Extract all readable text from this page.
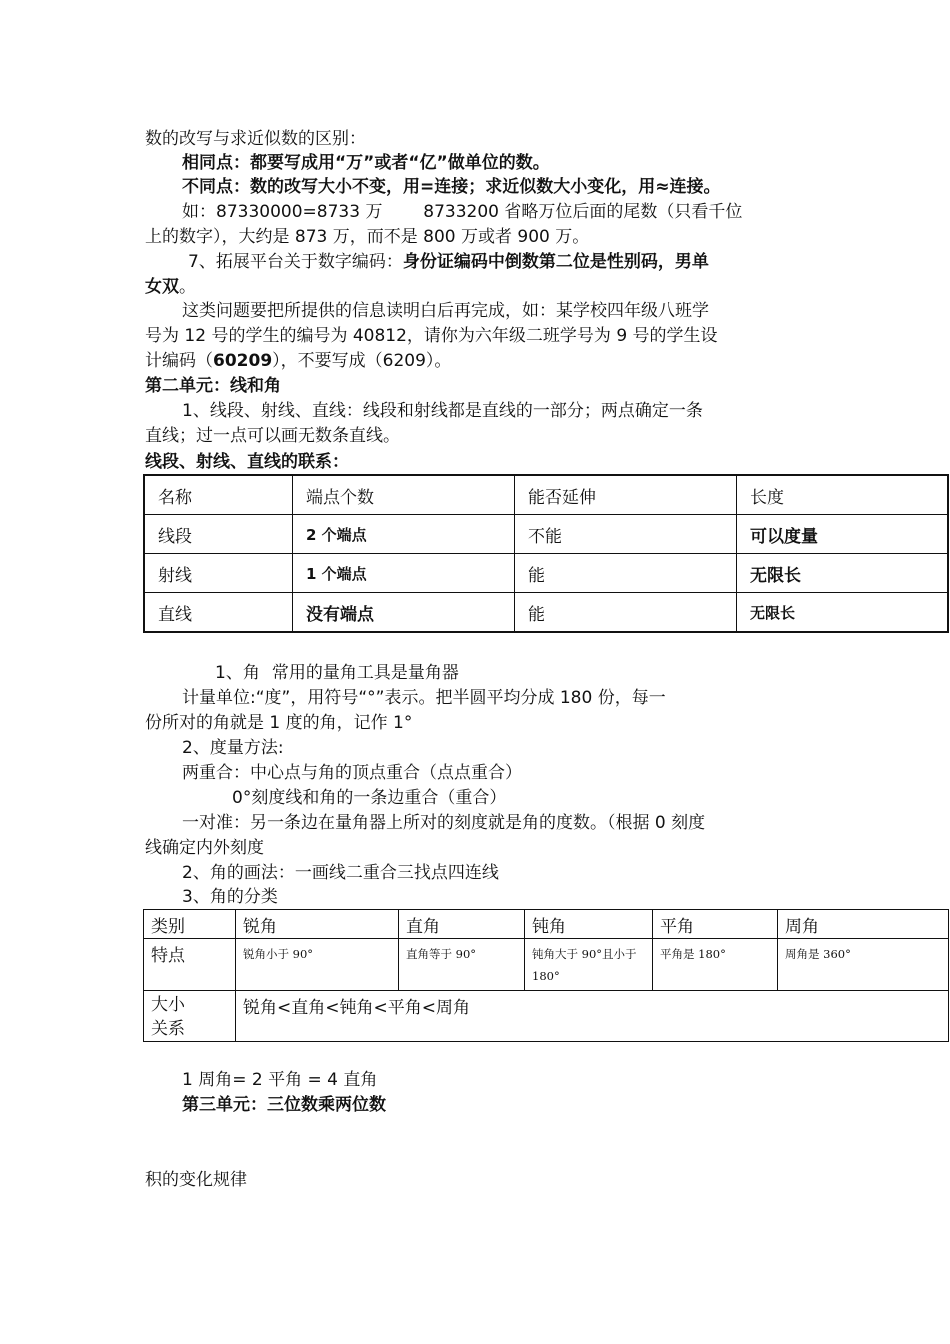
数的改写与求近似数的区别：
相同点：都要写成用“万”或者“亿”做单位的数。
不同点：数的改写大小不变，用=连接；求近似数大小变化，用≈连接。
如：87330000=8733 万 8733200 省略万位后面的尾数（只看千位
上的数字），大约是 873 万，而不是 800 万或者 900 万。
7、拓展平台关于数字编码：身份证编码中倒数第二位是性别码，男单
女双。
这类问题要把所提供的信息读明白后再完成，如：某学校四年级八班学
号为 12 号的学生的编号为 40812，请你为六年级二班学号为 9 号的学生设
计编码（60209），不要写成（6209）。
第二单元：线和角
1、线段、射线、直线：线段和射线都是直线的一部分；两点确定一条
直线；过一点可以画无数条直线。
线段、射线、直线的联系：
名称	端点个数	能否延伸	长度
线段	2 个端点	不能	可以度量
射线	1 个端点	能	无限长
直线	没有端点	能	无限长
1、角 常用的量角工具是量角器
计量单位:“度”，用符号“°”表示。把半圆平均分成 180 份，每一
份所对的角就是 1 度的角，记作 1°
2、度量方法:
两重合：中心点与角的顶点重合（点点重合）
0°刻度线和角的一条边重合（重合）
一对准：另一条边在量角器上所对的刻度就是角的度数。（根据 0 刻度
线确定内外刻度
2、角的画法：一画线二重合三找点四连线
3、角的分类
类别	锐角	直角	钝角	平角	周角
特点	锐角小于 90°	直角等于 90°	钝角大于 90°且小于 180°	平角是 180°	周角是 360°

大小
关系	锐角<直角<钝角<平角<周角				
1 周角= 2 平角 = 4 直角
第三单元：三位数乘两位数
积的变化规律
